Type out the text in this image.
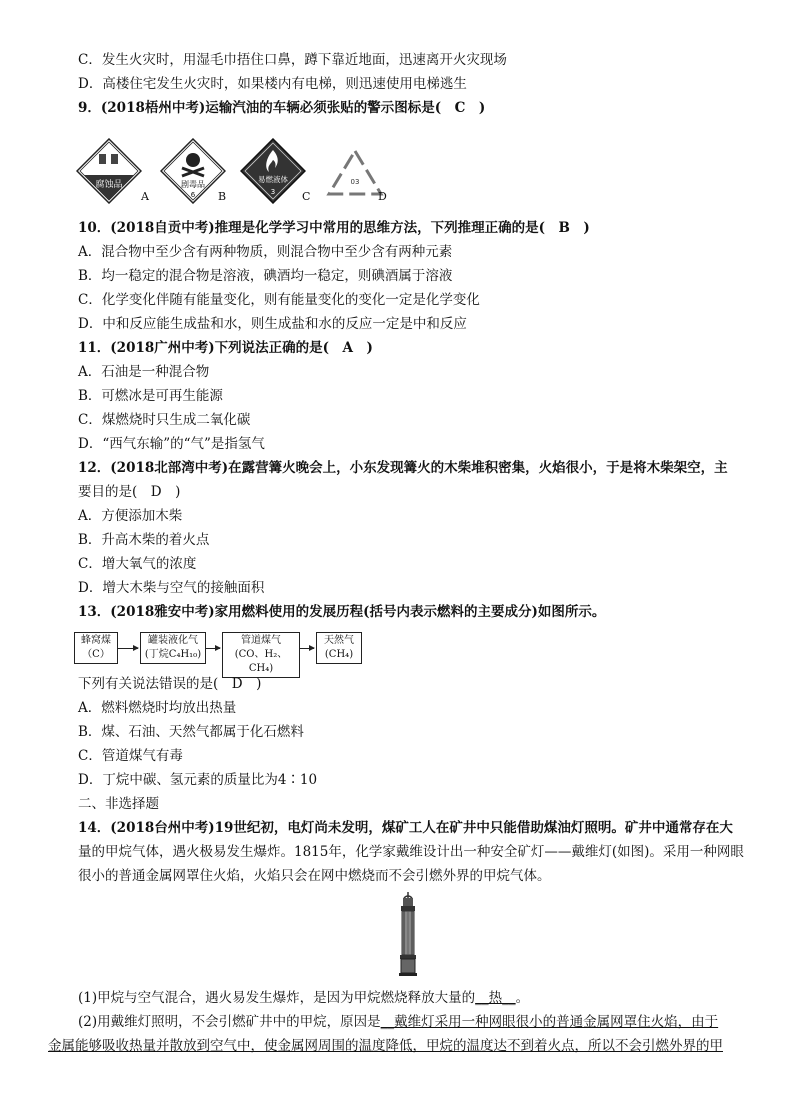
C．发生火灾时，用湿毛巾捂住口鼻，蹲下靠近地面，迅速离开火灾现场
D．高楼住宅发生火灾时，如果楼内有电梯，则迅速使用电梯逃生
9．(2018梧州中考)运输汽油的车辆必须张贴的警示图标是(　C　)
腐蚀品
A
剧毒品
6 B
易燃液体
3 C
03
D
10．(2018自贡中考)推理是化学学习中常用的思维方法，下列推理正确的是(　B　)
A．混合物中至少含有两种物质，则混合物中至少含有两种元素
B．均一稳定的混合物是溶液，碘酒均一稳定，则碘酒属于溶液
C．化学变化伴随有能量变化，则有能量变化的变化一定是化学变化
D．中和反应能生成盐和水，则生成盐和水的反应一定是中和反应
11．(2018广州中考)下列说法正确的是(　A　)
A．石油是一种混合物
B．可燃冰是可再生能源
C．煤燃烧时只生成二氧化碳
D．“西气东输”的“气”是指氢气
12．(2018北部湾中考)在露营篝火晚会上，小东发现篝火的木柴堆积密集，火焰很小，于是将木柴架空，主
要目的是(　D　)
A．方便添加木柴
B．升高木柴的着火点
C．增大氧气的浓度
D．增大木柴与空气的接触面积
13．(2018雅安中考)家用燃料使用的发展历程(括号内表示燃料的主要成分)如图所示。
蜂窝煤
（C）
罐装液化气
(丁烷C₄H₁₀)
管道煤气
(CO、H₂、CH₄)
天然气
(CH₄)
下列有关说法错误的是(　D　)
A．燃料燃烧时均放出热量
B．煤、石油、天然气都属于化石燃料
C．管道煤气有毒
D．丁烷中碳、氢元素的质量比为4∶10
二、非选择题
14．(2018台州中考)19世纪初，电灯尚未发明，煤矿工人在矿井中只能借助煤油灯照明。矿井中通常存在大
量的甲烷气体，遇火极易发生爆炸。1815年，化学家戴维设计出一种安全矿灯——戴维灯(如图)。采用一种网眼
很小的普通金属网罩住火焰，火焰只会在网中燃烧而不会引燃外界的甲烷气体。
(1)甲烷与空气混合，遇火易发生爆炸，是因为甲烷燃烧释放大量的__热__。
(2)用戴维灯照明，不会引燃矿井中的甲烷，原因是__戴维灯采用一种网眼很小的普通金属网罩住火焰，由于
金属能够吸收热量并散放到空气中，使金属网周围的温度降低，甲烷的温度达不到着火点，所以不会引燃外界的甲
